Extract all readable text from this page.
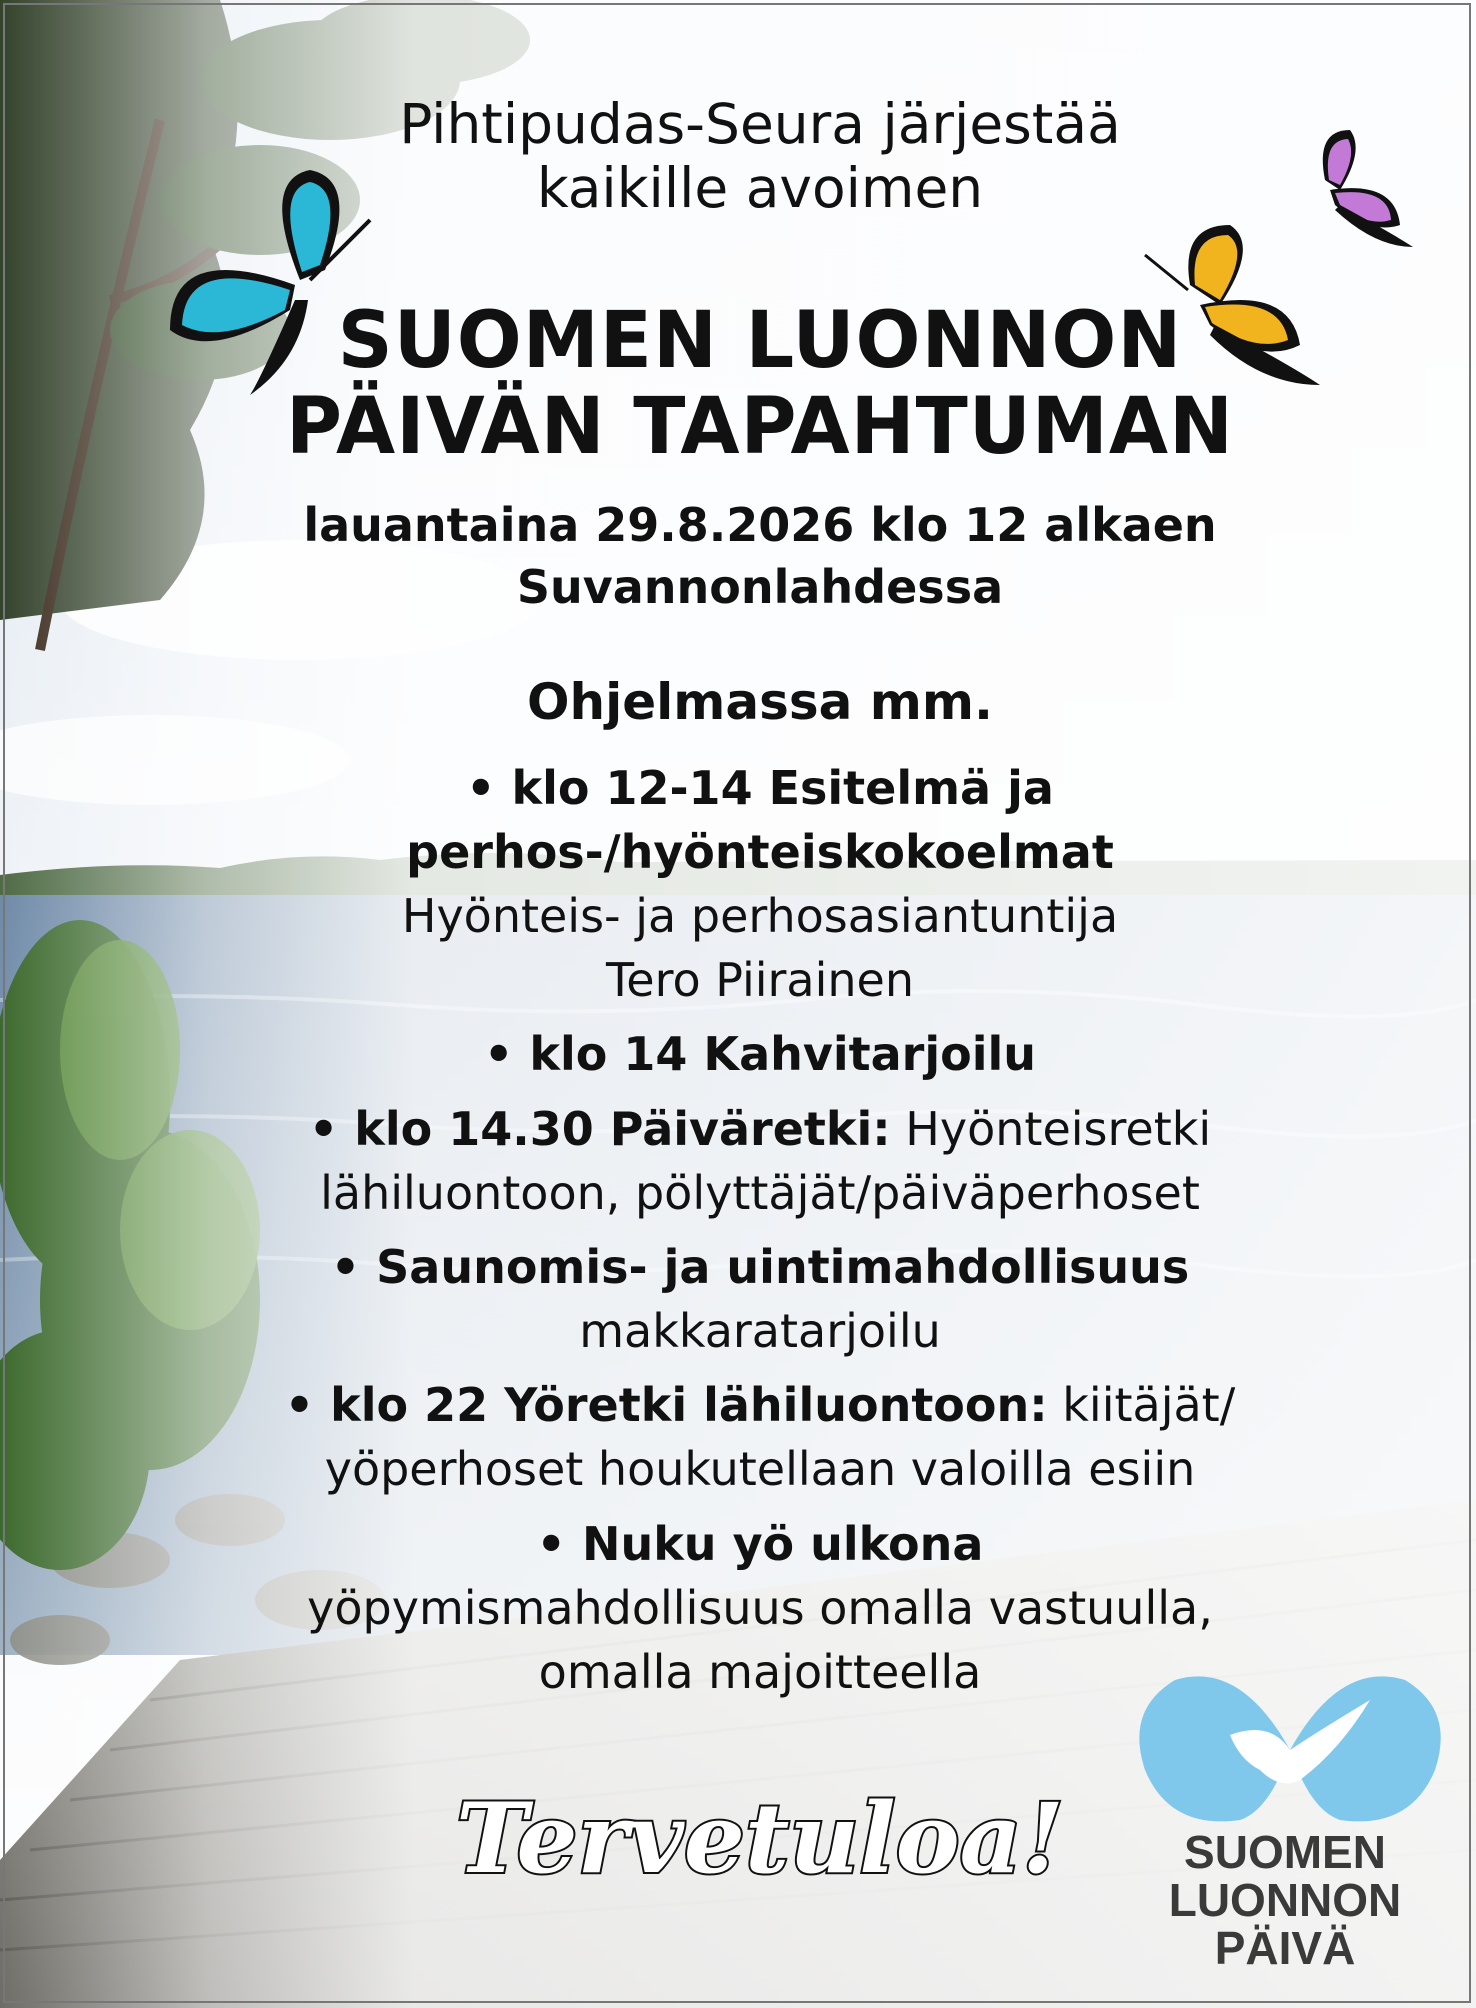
Pihtipudas-Seura järjestää
kaikille avoimen
SUOMEN LUONNON
PÄIVÄN TAPAHTUMAN
lauantaina 29.8.2026 klo 12 alkaen
Suvannonlahdessa
Ohjelmassa mm.
• klo 12-14 Esitelmä ja
perhos-/hyönteiskokoelmat
Hyönteis- ja perhosasiantuntija
Tero Piirainen
• klo 14 Kahvitarjoilu
• klo 14.30 Päiväretki: Hyönteisretki
lähiluontoon, pölyttäjät/päiväperhoset
• Saunomis- ja uintimahdollisuus
makkaratarjoilu
• klo 22 Yöretki lähiluontoon: kiitäjät/
yöperhoset houkutellaan valoilla esiin
• Nuku yö ulkona
yöpymismahdollisuus omalla vastuulla,
omalla majoitteella
Tervetuloa!	SUOMEN
LUONNON
PÄIVÄ
